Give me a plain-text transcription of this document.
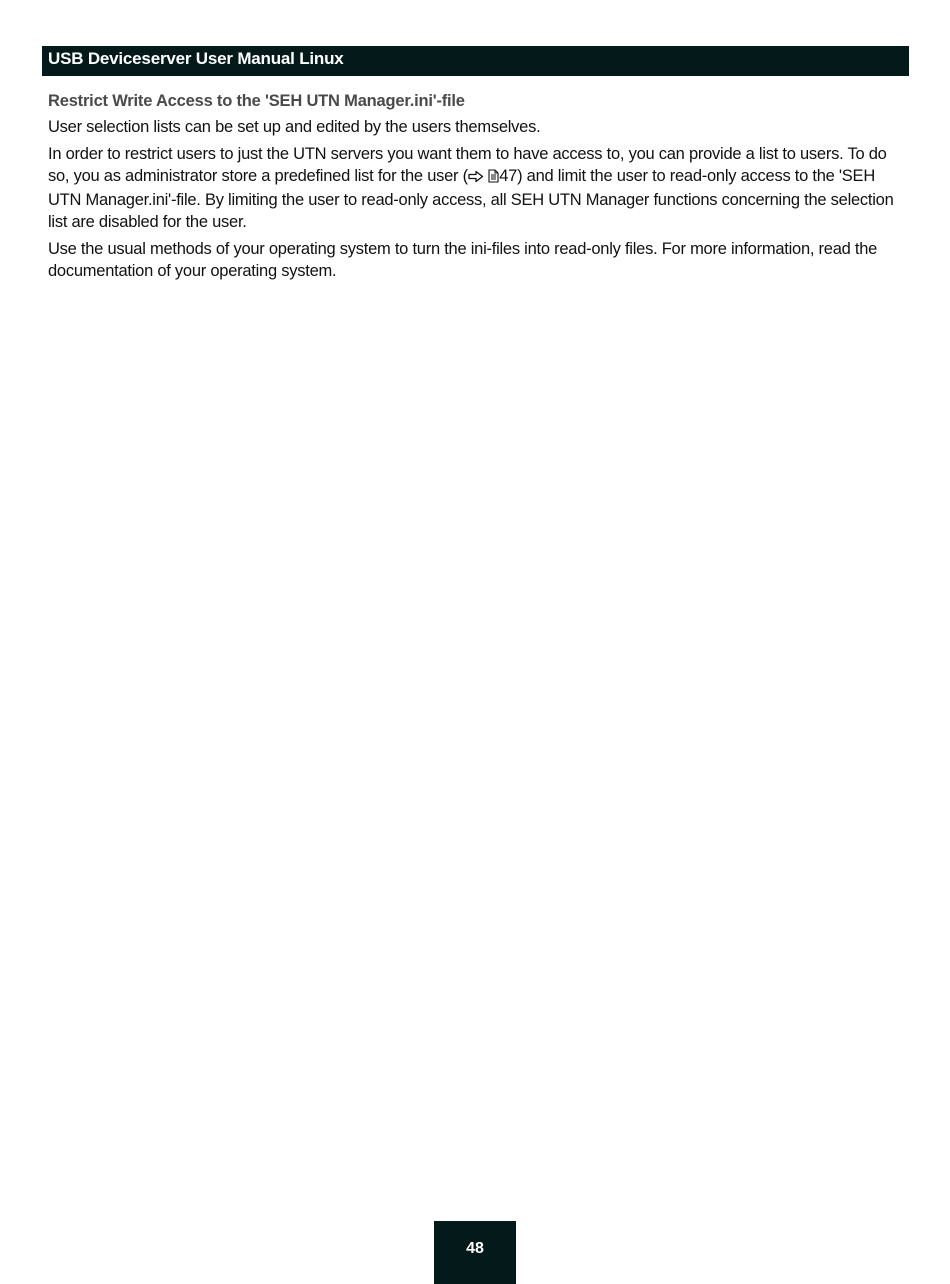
USB Deviceserver User Manual Linux
Restrict Write Access to the 'SEH UTN Manager.ini'-file

User selection lists can be set up and edited by the users themselves.

In order to restrict users to just the UTN servers you want them to have access to, you can provide a list to users. To do so, you as administrator store a predefined list for the user ( 47) and limit the user to read-only access to the 'SEH UTN Manager.ini'-file. By limiting the user to read-only access, all SEH UTN Manager functions concerning the selection list are disabled for the user.

Use the usual methods of your operating system to turn the ini-files into read-only files. For more information, read the documentation of your operating system.

48
